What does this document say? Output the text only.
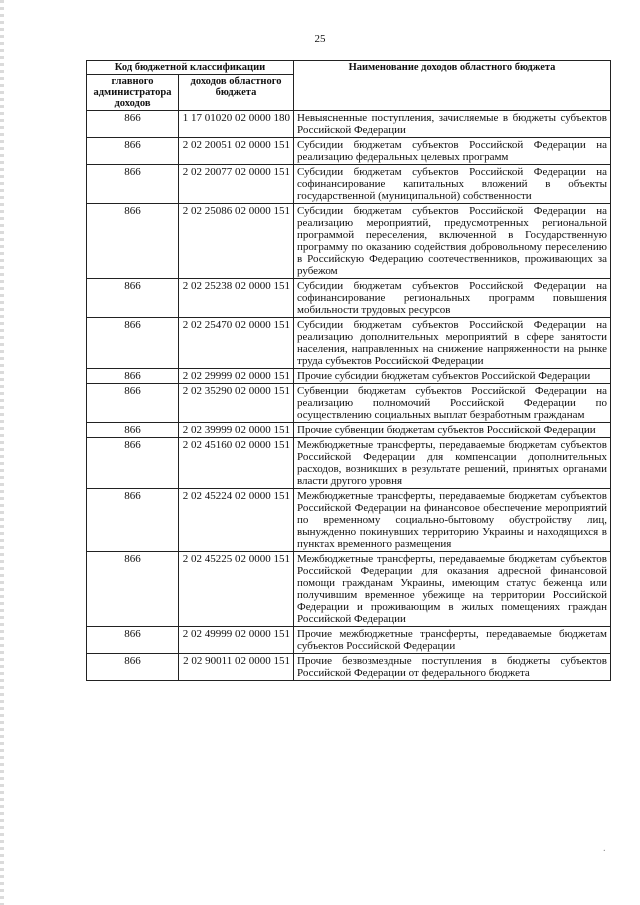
25
Код бюджетной классификации		Наименование доходов областного бюджета
главного администратора доходов	доходов областного бюджета	
866	1 17 01020 02 0000 180	Невыясненные поступления, зачисляемые в бюджеты субъектов Российской Федерации
866	2 02 20051 02 0000 151	Субсидии бюджетам субъектов Российской Федерации на реализацию федеральных целевых программ
866	2 02 20077 02 0000 151	Субсидии бюджетам субъектов Российской Федерации на софинансирование капитальных вложений в объекты государственной (муниципальной) собственности
866	2 02 25086 02 0000 151	Субсидии бюджетам субъектов Российской Федерации на реализацию мероприятий, предусмотренных региональной программой переселения, включенной в Государственную программу по оказанию содействия добровольному переселению в Российскую Федерацию соотечественников, проживающих за рубежом
866	2 02 25238 02 0000 151	Субсидии бюджетам субъектов Российской Федерации на софинансирование региональных программ повышения мобильности трудовых ресурсов
866	2 02 25470 02 0000 151	Субсидии бюджетам субъектов Российской Федерации на реализацию дополнительных мероприятий в сфере занятости населения, направленных на снижение напряженности на рынке труда субъектов Российской Федерации
866	2 02 29999 02 0000 151	Прочие субсидии бюджетам субъектов Российской Федерации
866	2 02 35290 02 0000 151	Субвенции бюджетам субъектов Российской Федерации на реализацию полномочий Российской Федерации по осуществлению социальных выплат безработным гражданам
866	2 02 39999 02 0000 151	Прочие субвенции бюджетам субъектов Российской Федерации
866	2 02 45160 02 0000 151	Межбюджетные трансферты, передаваемые бюджетам субъектов Российской Федерации для компенсации дополнительных расходов, возникших в результате решений, принятых органами власти другого уровня
866	2 02 45224 02 0000 151	Межбюджетные трансферты, передаваемые бюджетам субъектов Российской Федерации на финансовое обеспечение мероприятий по временному социально-бытовому обустройству лиц, вынужденно покинувших территорию Украины и находящихся в пунктах временного размещения
866	2 02 45225 02 0000 151	Межбюджетные трансферты, передаваемые бюджетам субъектов Российской Федерации для оказания адресной финансовой помощи гражданам Украины, имеющим статус беженца или получившим временное убежище на территории Российской Федерации и проживающим в жилых помещениях граждан Российской Федерации
866	2 02 49999 02 0000 151	Прочие межбюджетные трансферты, передаваемые бюджетам субъектов Российской Федерации
866	2 02 90011 02 0000 151	Прочие безвозмездные поступления в бюджеты субъектов Российской Федерации от федерального бюджета
·
